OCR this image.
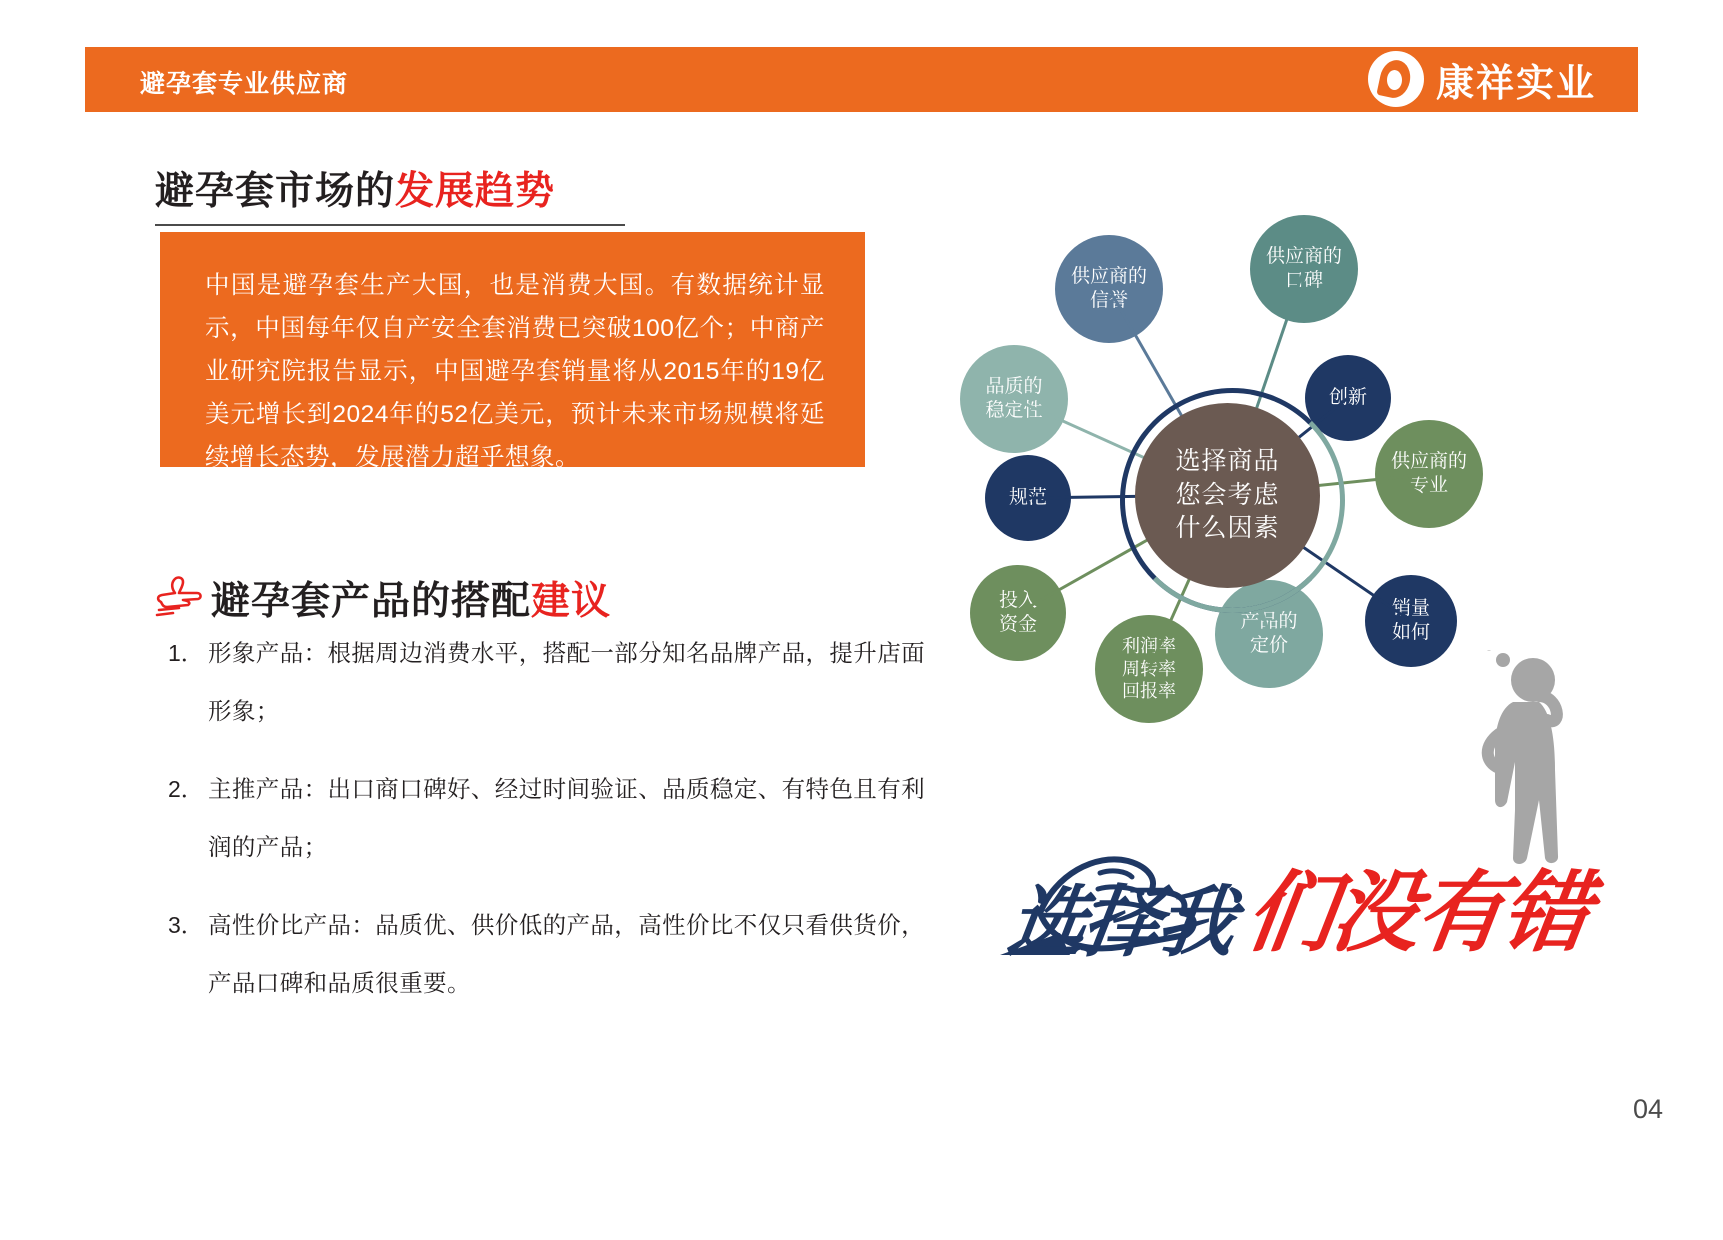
避孕套专业供应商	康祥实业
避孕套市场的发展趋势

中国是避孕套生产大国，也是消费大国。有数据统计显示，中国每年仅自产安全套消费已突破100亿个；中商产业研究院报告显示，中国避孕套销量将从2015年的19亿美元增长到2024年的52亿美元，预计未来市场规模将延续增长态势，发展潜力超乎想象。

避孕套产品的搭配 建议
1． 形象产品：根据周边消费水平，搭配一部分知名品牌产品，提升店面形象；
2． 主推产品：出口商口碑好、经过时间验证、品质稳定、有特色且有利润的产品；
3． 高性价比产品：品质优、供价低的产品，高性价比不仅只看供货价，产品口碑和品质很重要。
选择商品
您会考虑
什么因素
供应商的
信誉
供应商的
口碑
创新
供应商的
专业
销量
如何
产品的
定价
利润率
周转率
回报率
投入
资金
规范
品质的
稳定性
选择我 们没有错
04
